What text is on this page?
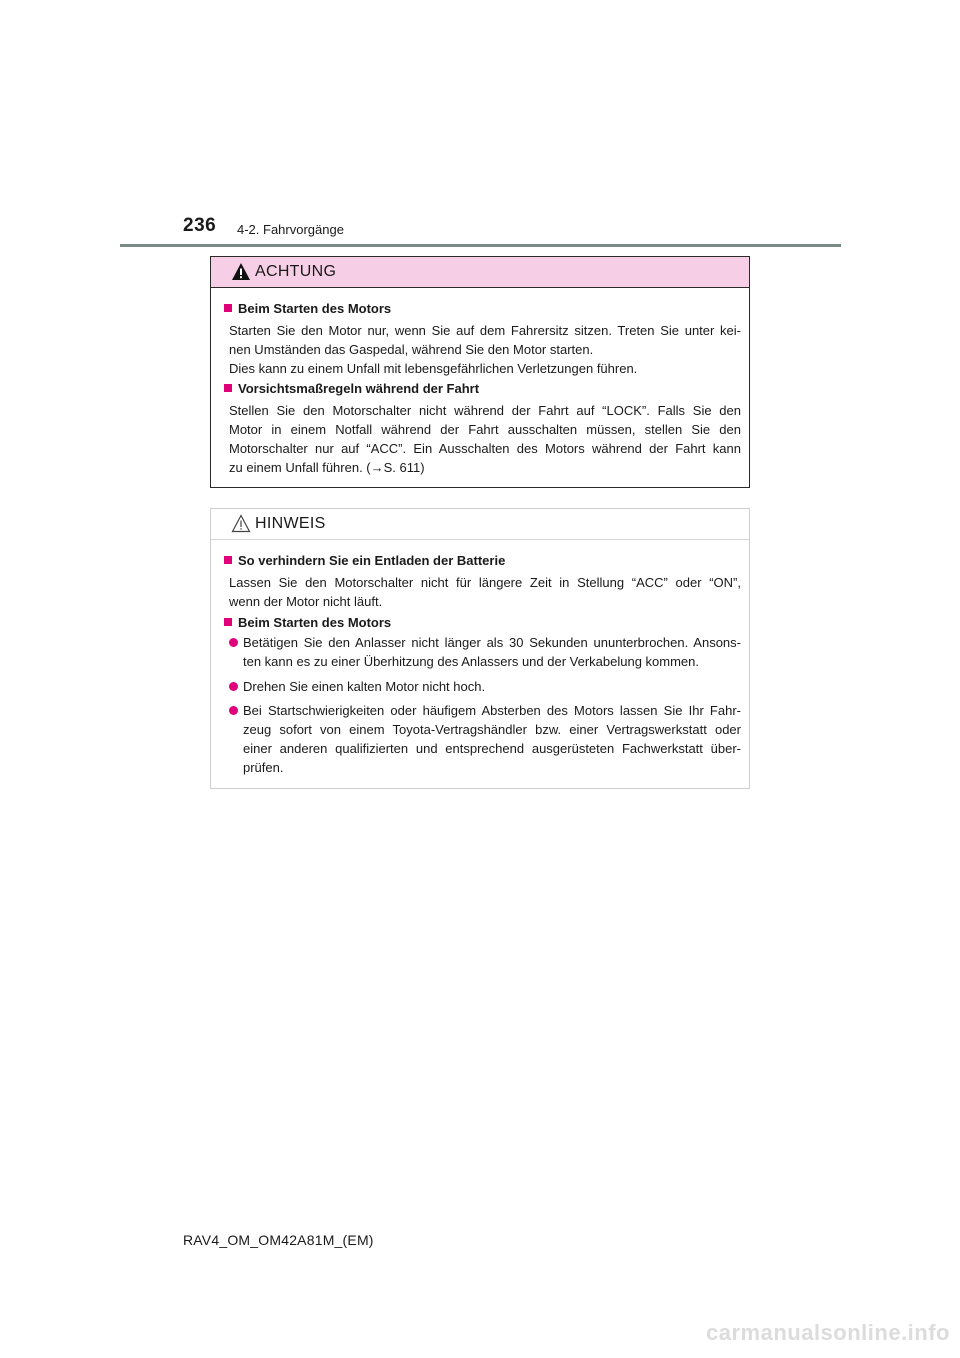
236 4-2. Fahrvorgänge
ACHTUNG
Beim Starten des Motors
Starten Sie den Motor nur, wenn Sie auf dem Fahrersitz sitzen. Treten Sie unter kei-
nen Umständen das Gaspedal, während Sie den Motor starten.
Dies kann zu einem Unfall mit lebensgefährlichen Verletzungen führen.
Vorsichtsmaßregeln während der Fahrt
Stellen Sie den Motorschalter nicht während der Fahrt auf “LOCK”. Falls Sie den
Motor in einem Notfall während der Fahrt ausschalten müssen, stellen Sie den
Motorschalter nur auf “ACC”. Ein Ausschalten des Motors während der Fahrt kann
zu einem Unfall führen. (→S. 611)
HINWEIS
So verhindern Sie ein Entladen der Batterie
Lassen Sie den Motorschalter nicht für längere Zeit in Stellung “ACC” oder “ON”,
wenn der Motor nicht läuft.
Beim Starten des Motors
Betätigen Sie den Anlasser nicht länger als 30 Sekunden ununterbrochen. Ansons-
ten kann es zu einer Überhitzung des Anlassers und der Verkabelung kommen.
Drehen Sie einen kalten Motor nicht hoch.
Bei Startschwierigkeiten oder häufigem Absterben des Motors lassen Sie Ihr Fahr-
zeug sofort von einem Toyota-Vertragshändler bzw. einer Vertragswerkstatt oder
einer anderen qualifizierten und entsprechend ausgerüsteten Fachwerkstatt über-
prüfen.
RAV4_OM_OM42A81M_(EM)
carmanualsonline.info
